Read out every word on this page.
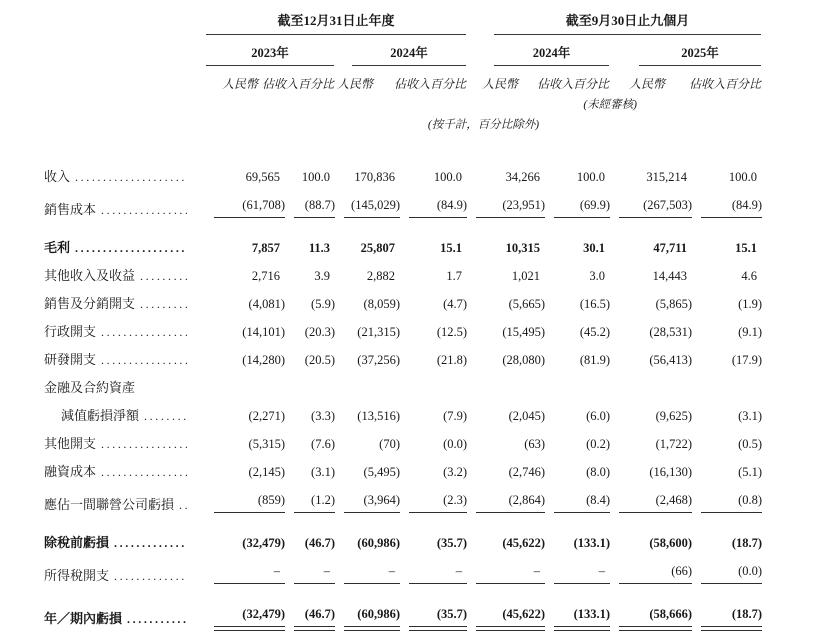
	截至12月31日止年度				截至9月30日止九個月			

	2023年		2024年		2024年		2025年	

人民幣	佔收入百分比	人民幣	佔收入百分比	人民幣	佔收入百分比	人民幣	佔收入百分比

					(未經審核)			

	(按千計，百分比除外)							

收入
.....	69,565	100.0	170,836	100.0	34,266	100.0	315,214	100.0

銷售成本
.....	(61,708)	(88.7)	(145,029)	(84.9)	(23,951)	(69.9)	(267,503)	(84.9)

毛利
.....	7,857	11.3	25,807	15.1	10,315	30.1	47,711	15.1

其他收入及收益
.....	2,716	3.9	2,882	1.7	1,021	3.0	14,443	4.6

銷售及分銷開支
.....	(4,081)	(5.9)	(8,059)	(4.7)	(5,665)	(16.5)	(5,865)	(1.9)

行政開支
.....	(14,101)	(20.3)	(21,315)	(12.5)	(15,495)	(45.2)	(28,531)	(9.1)

研發開支
.....	(14,280)	(20.5)	(37,256)	(21.8)	(28,080)	(81.9)	(56,413)	(17.9)

金融及合約資產								

減值虧損淨額
.....	(2,271)	(3.3)	(13,516)	(7.9)	(2,045)	(6.0)	(9,625)	(3.1)

其他開支
.....	(5,315)	(7.6)	(70)	(0.0)	(63)	(0.2)	(1,722)	(0.5)

融資成本
.....	(2,145)	(3.1)	(5,495)	(3.2)	(2,746)	(8.0)	(16,130)	(5.1)

應佔一間聯營公司虧損
.....	(859)	(1.2)	(3,964)	(2.3)	(2,864)	(8.4)	(2,468)	(0.8)

除稅前虧損
.....	(32,479)	(46.7)	(60,986)	(35.7)	(45,622)	(133.1)	(58,600)	(18.7)

所得稅開支
.....	–	–	–	–	–	–	(66)	(0.0)

年／期內虧損
.....	(32,479)	(46.7)	(60,986)	(35.7)	(45,622)	(133.1)	(58,666)	(18.7)
